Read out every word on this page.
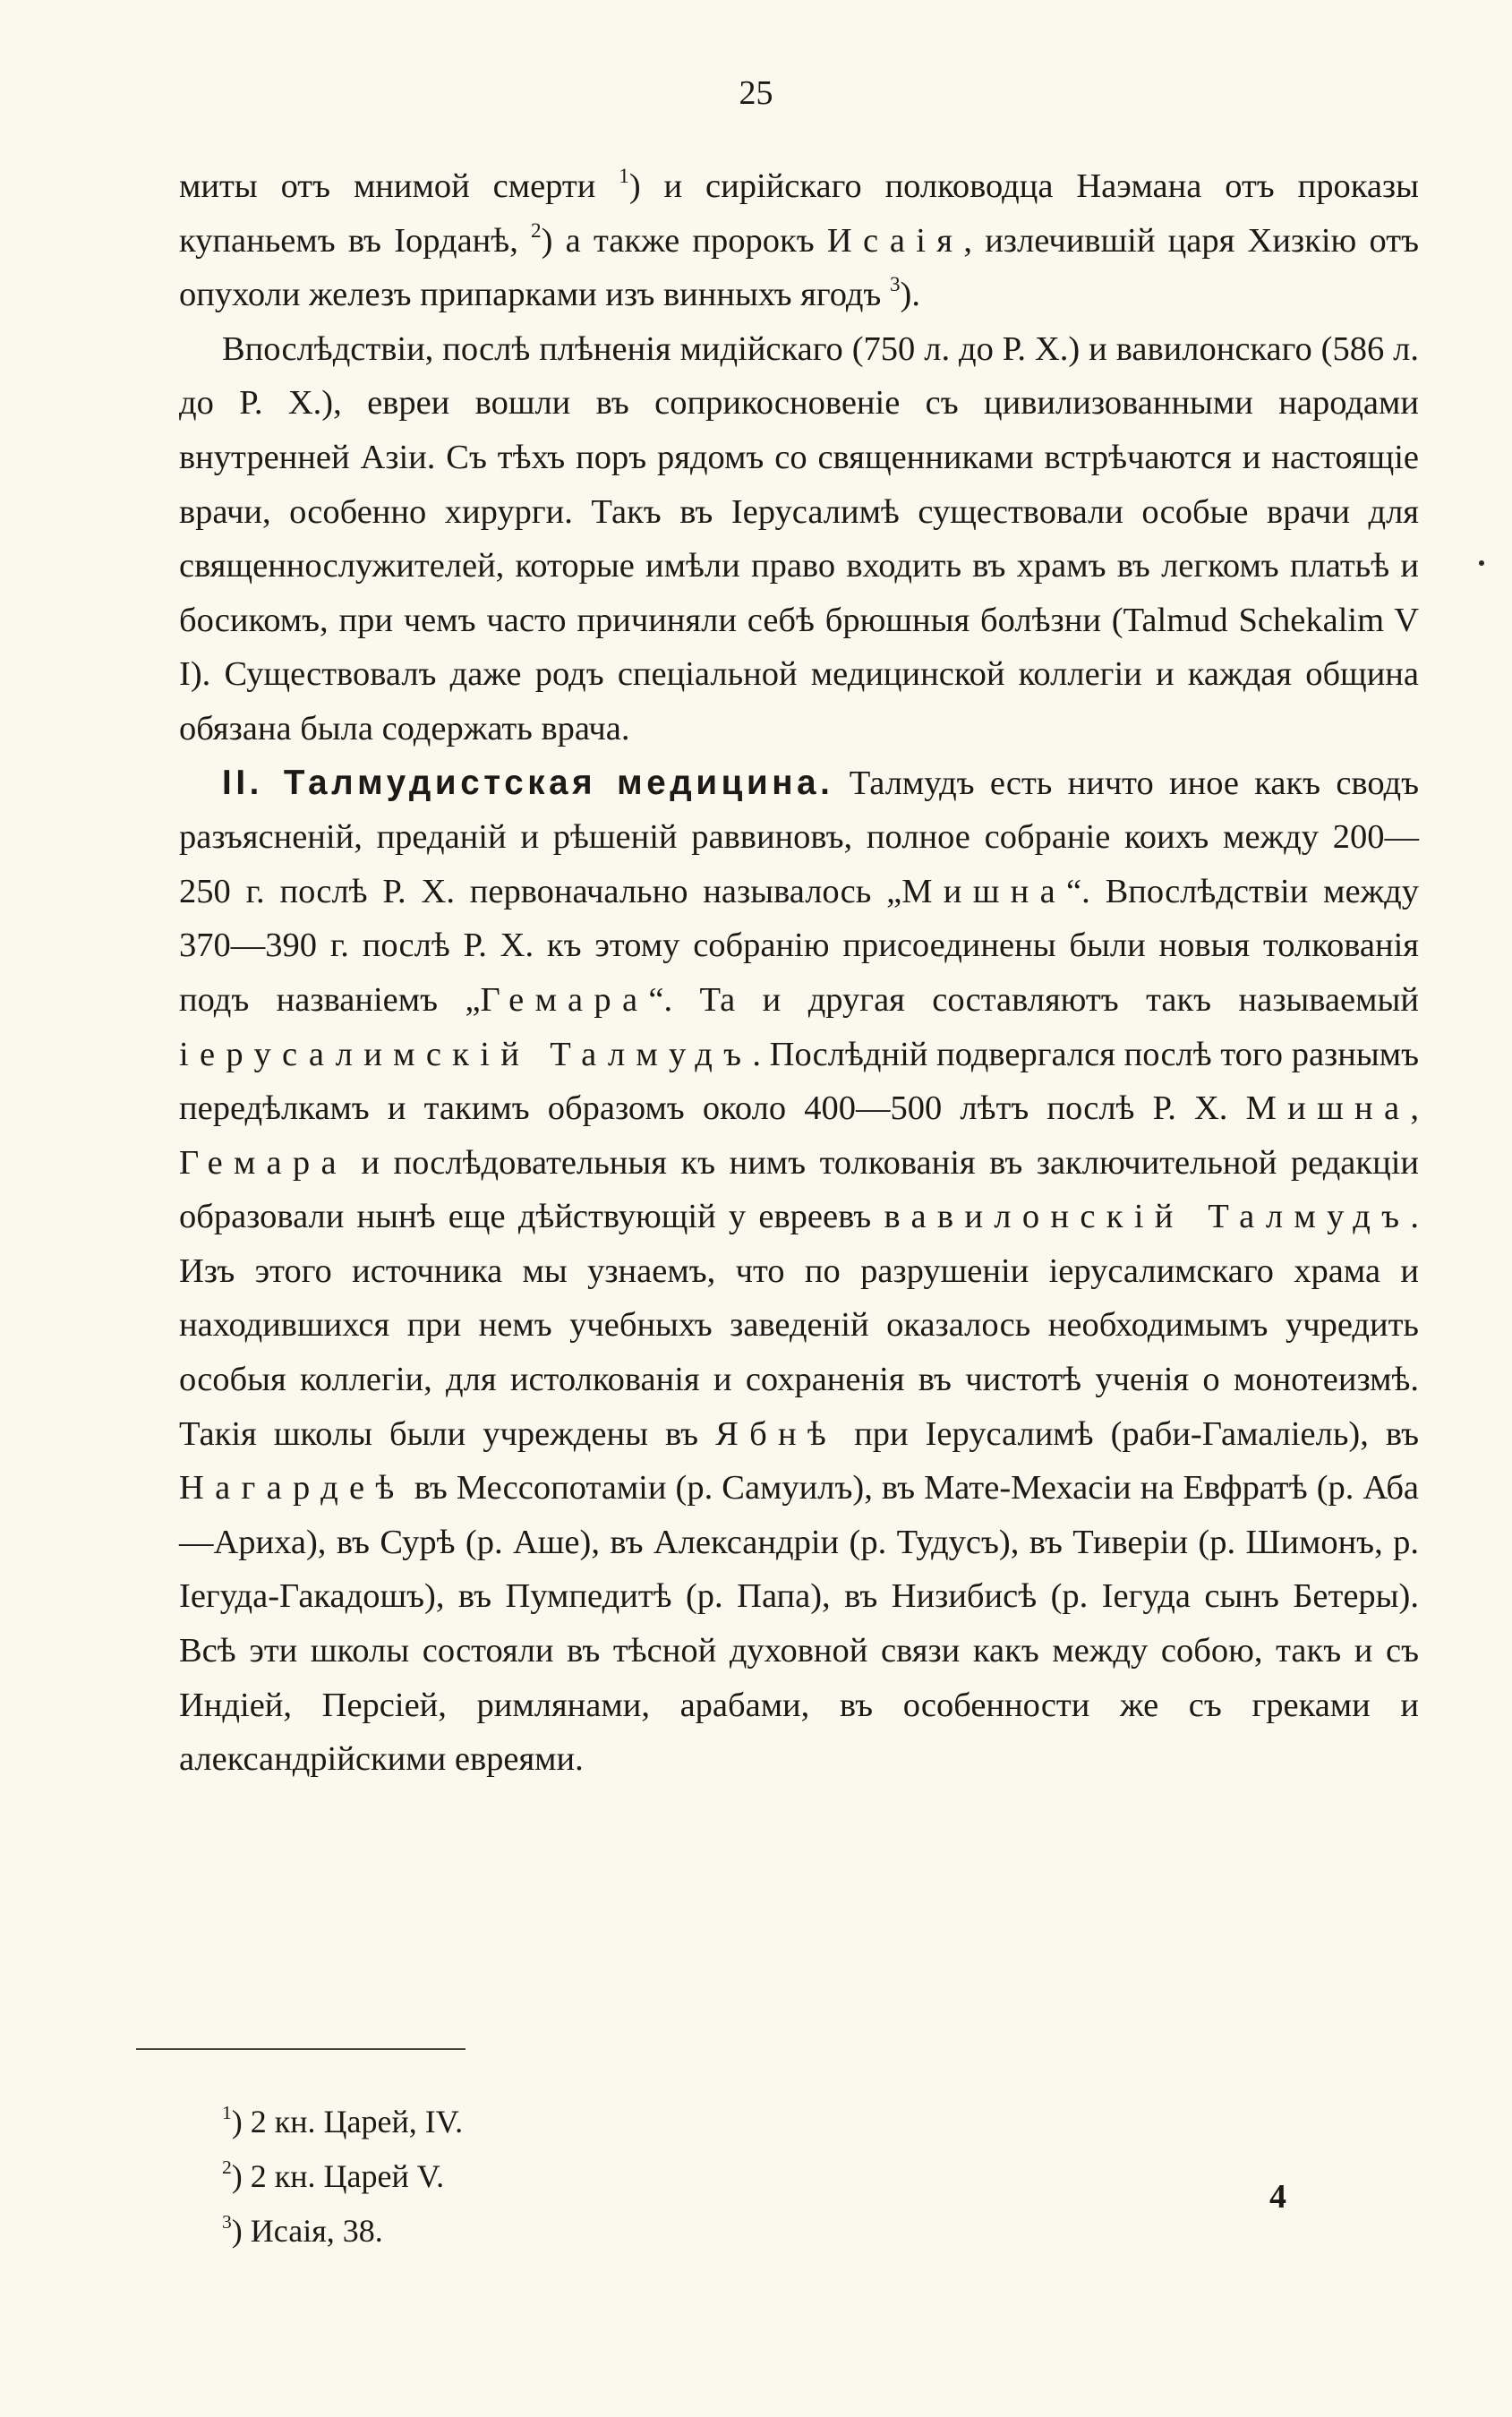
25

миты отъ мнимой смерти $^1$) и сирійскаго полководца Наэмана отъ проказы купаньемъ въ Іорданѣ, $^2$) а также пророкъ Исаія, излечившій царя Хизкію отъ опухоли железъ припарками изъ винныхъ ягодъ $^3$).

Впослѣдствіи, послѣ плѣненія мидійскаго (750 л. до Р. Х.) и вавилонскаго (586 л. до Р. Х.), евреи вошли въ соприкосновеніе съ цивилизованными народами внутренней Азіи. Съ тѣхъ поръ рядомъ со священниками встрѣчаются и настоящіе врачи, особенно хирурги. Такъ въ Іерусалимѣ существовали особые врачи для священнослужителей, которые имѣли право входить въ храмъ въ легкомъ платьѣ и босикомъ, при чемъ часто причиняли себѣ брюшныя болѣзни (Talmud Schekalim V I). Существовалъ даже родъ спеціальной медицинской коллегіи и каждая община обязана была содержать врача.

II. Талмудистская медицина. Талмудъ есть ничто иное какъ сводъ разъясненій, преданій и рѣшеній раввиновъ, полное собраніе коихъ между 200—250 г. послѣ Р. Х. первоначально называлось „Мишна“. Впослѣдствіи между 370—390 г. послѣ Р. Х. къ этому собранію присоединены были новыя толкованія подъ названіемъ „Гемара“. Та и другая составляютъ такъ называемый іерусалимскій Талмудъ. Послѣдній подвергался послѣ того разнымъ передѣлкамъ и такимъ образомъ около 400—500 лѣтъ послѣ Р. Х. Мишна, Гемара и послѣдовательныя къ нимъ толкованія въ заключительной редакціи образовали нынѣ еще дѣйствующій у евреевъ вавилонскій Талмудъ. Изъ этого источника мы узнаемъ, что по разрушеніи іерусалимскаго храма и находившихся при немъ учебныхъ заведеній оказалось необходимымъ учредить особыя коллегіи, для истолкованія и сохраненія въ чистотѣ ученія о монотеизмѣ. Такія школы были учреждены въ Ябнѣ при Іерусалимѣ (раби-Гамаліель), въ Нагардеѣ въ Мессопотаміи (р. Самуилъ), въ Мате-Мехасіи на Евфратѣ (р. Аба—Ариха), въ Сурѣ (р. Аше), въ Александріи (р. Тудусъ), въ Тиверіи (р. Шимонъ, р. Іегуда-Гакадошъ), въ Пумпедитѣ (р. Папа), въ Низибисѣ (р. Іегуда сынъ Бетеры). Всѣ эти школы состояли въ тѣсной духовной связи какъ между собою, такъ и съ Индіей, Персіей, римлянами, арабами, въ особенности же съ греками и александрійскими евреями.

$^1$) 2 кн. Царей, IV.
$^2$) 2 кн. Царей V.
$^3$) Исаія, 38.
4
